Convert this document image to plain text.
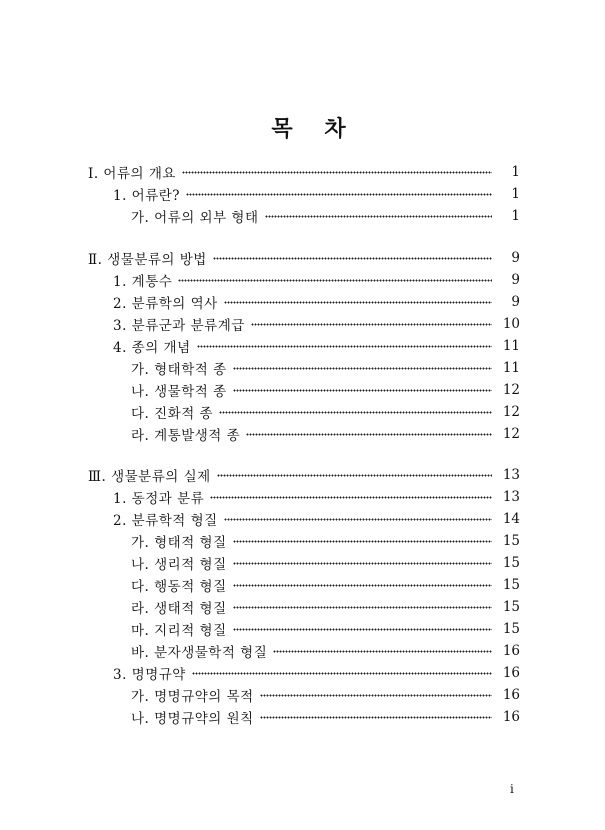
목 차
Ⅰ. 어류의 개요	1
1. 어류란?	1
가. 어류의 외부 형태	1
Ⅱ. 생물분류의 방법	9
1. 계통수	9
2. 분류학의 역사	9
3. 분류군과 분류계급	10
4. 종의 개념	11
가. 형태학적 종	11
나. 생물학적 종	12
다. 진화적 종	12
라. 계통발생적 종	12
Ⅲ. 생물분류의 실제	13
1. 동정과 분류	13
2. 분류학적 형질	14
가. 형태적 형질	15
나. 생리적 형질	15
다. 행동적 형질	15
라. 생태적 형질	15
마. 지리적 형질	15
바. 분자생물학적 형질	16
3. 명명규약	16
가. 명명규약의 목적	16
나. 명명규약의 원칙	16
i
